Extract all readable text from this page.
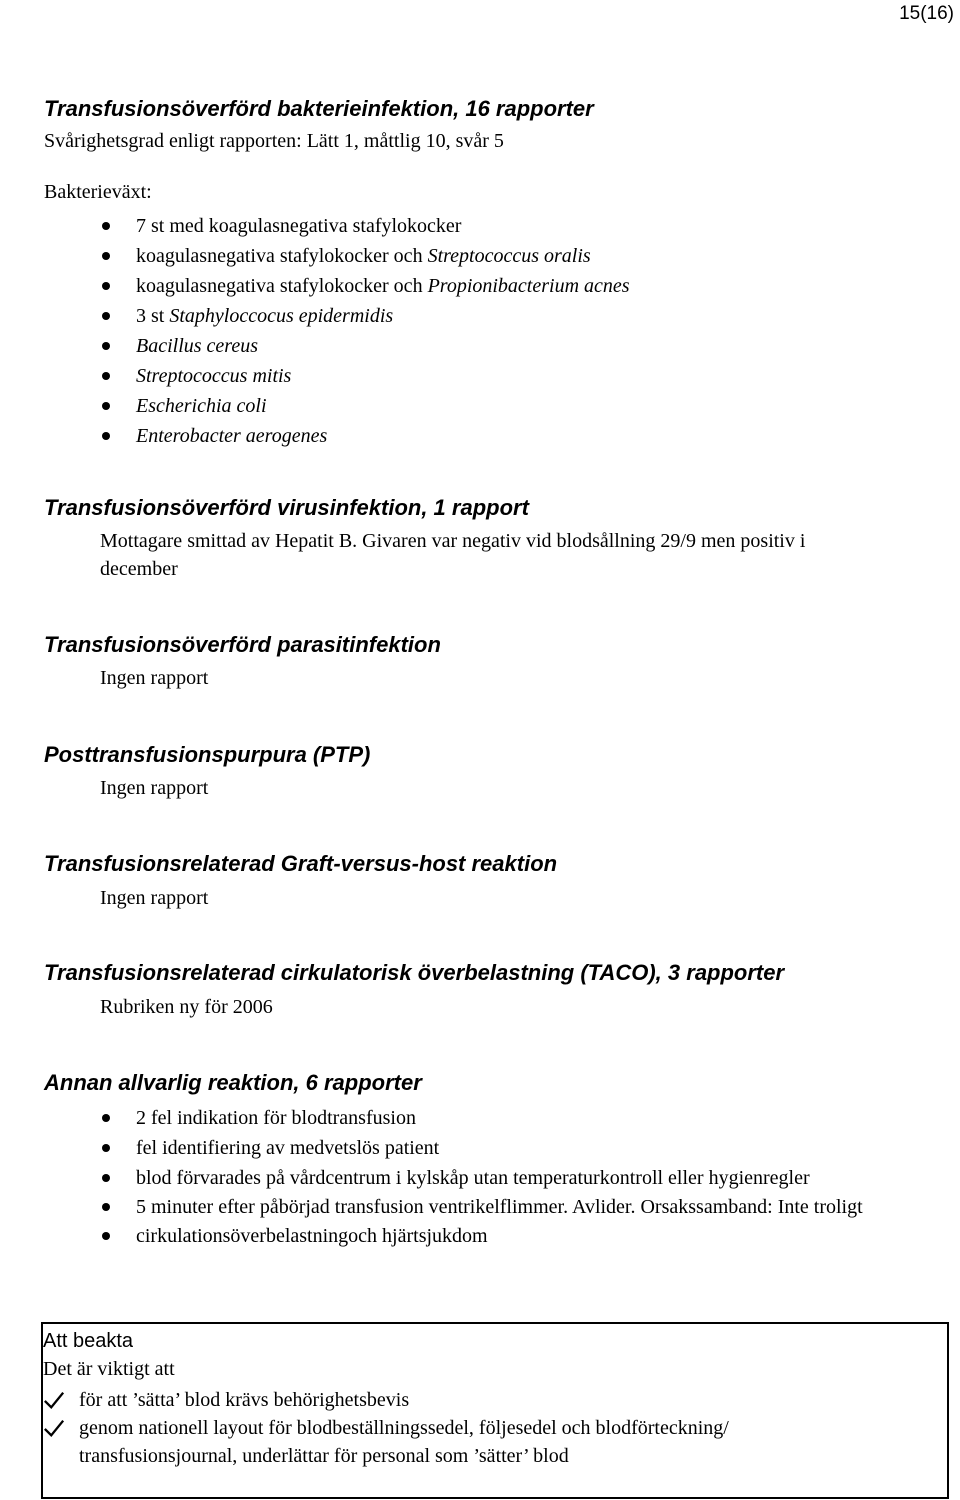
15(16)
Transfusionsöverförd bakterieinfektion, 16 rapporter
Svårighetsgrad enligt rapporten: Lätt 1, måttlig 10, svår 5
Bakterieväxt:
7 st med koagulasnegativa stafylokocker
koagulasnegativa stafylokocker och Streptococcus oralis
koagulasnegativa stafylokocker och Propionibacterium acnes
3 st Staphyloccocus epidermidis
Bacillus cereus
Streptococcus mitis
Escherichia coli
Enterobacter aerogenes
Transfusionsöverförd virusinfektion, 1 rapport
Mottagare smittad av Hepatit B. Givaren var negativ vid blodsållning 29/9 men positiv i
december
Transfusionsöverförd parasitinfektion
Ingen rapport
Posttransfusionspurpura (PTP)
Ingen rapport
Transfusionsrelaterad Graft-versus-host reaktion
Ingen rapport
Transfusionsrelaterad cirkulatorisk överbelastning (TACO), 3 rapporter
Rubriken ny för 2006
Annan allvarlig reaktion, 6 rapporter
2 fel indikation för blodtransfusion
fel identifiering av medvetslös patient
blod förvarades på vårdcentrum i kylskåp utan temperaturkontroll eller hygienregler
5 minuter efter påbörjad transfusion ventrikelflimmer. Avlider. Orsakssamband: Inte troligt
cirkulationsöverbelastningoch hjärtsjukdom
Att beakta
Det är viktigt att
för att ’sätta’ blod krävs behörighetsbevis
genom nationell layout för blodbeställningssedel, följesedel och blodförteckning/ transfusionsjournal, underlättar för personal som ’sätter’ blod
